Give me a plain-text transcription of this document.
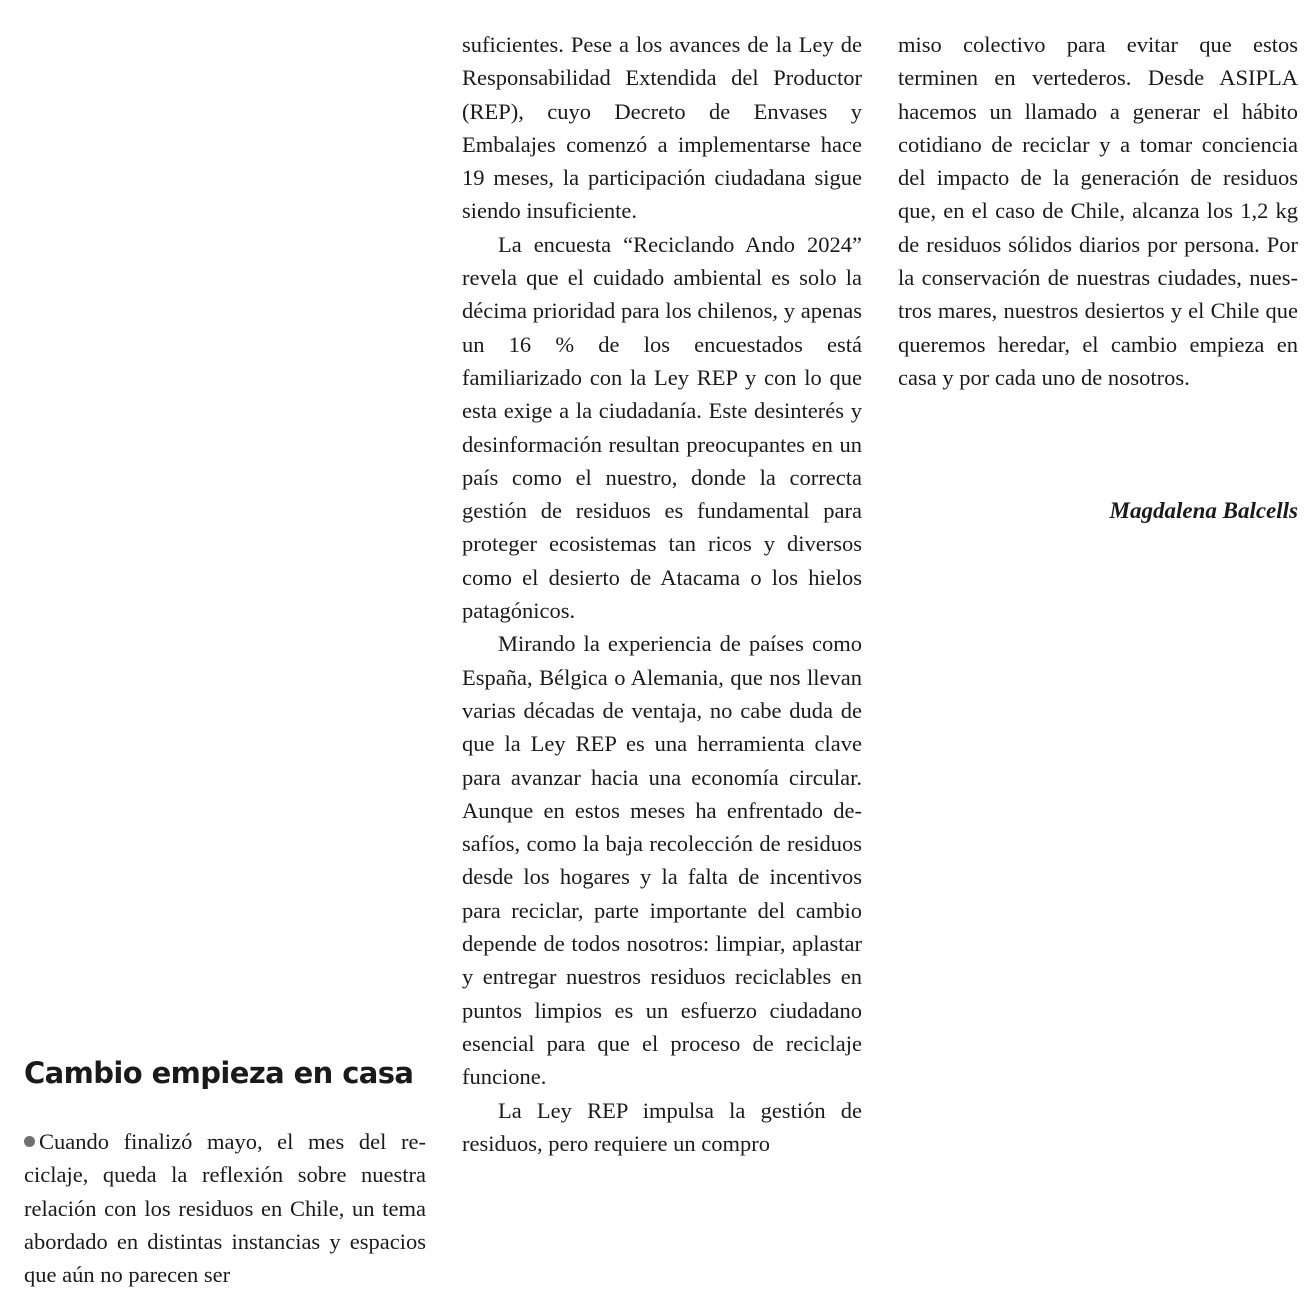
Cambio empieza en casa

Cuando finalizó mayo, el mes del reciclaje, queda la reflexión sobre nuestra relación con los residuos en Chile, un tema abordado en distintas instancias y espacios que aún no parecen ser

suficientes. Pese a los avances de la Ley de Responsabilidad Extendida del Productor (REP), cuyo Decreto de Envases y Embalajes comenzó a implementarse hace 19 meses, la participación ciudadana sigue siendo insuficiente.

La encuesta “Reciclando Ando 2024” revela que el cuidado ambiental es solo la décima prioridad para los chilenos, y apenas un 16 % de los encuestados está familiarizado con la Ley REP y con lo que esta exige a la ciudadanía. Este desinterés y desinformación resultan preocupantes en un país como el nuestro, donde la correcta gestión de residuos es fundamental para proteger ecosistemas tan ricos y diversos como el desierto de Atacama o los hielos patagónicos.

Mirando la experiencia de países como España, Bélgica o Alemania, que nos llevan varias décadas de ventaja, no cabe duda de que la Ley REP es una herramienta clave para avanzar hacia una economía circular. Aunque en estos meses ha enfrentado desafíos, como la baja recolección de residuos desde los hogares y la falta de incentivos para reciclar, parte importante del cambio depende de todos nosotros: limpiar, aplastar y entregar nuestros residuos reciclables en puntos limpios es un esfuerzo ciudadano esencial para que el proceso de reciclaje funcione.

La Ley REP impulsa la gestión de residuos, pero requiere un compro

miso colectivo para evitar que estos terminen en vertederos. Desde ASIPLA hacemos un llamado a generar el hábito cotidiano de reciclar y a tomar conciencia del impacto de la generación de residuos que, en el caso de Chile, alcanza los 1,2 kg de residuos sólidos diarios por persona. Por la conservación de nuestras ciudades, nuestros mares, nuestros desiertos y el Chile que queremos heredar, el cambio empieza en casa y por cada uno de nosotros.

Magdalena Balcells
